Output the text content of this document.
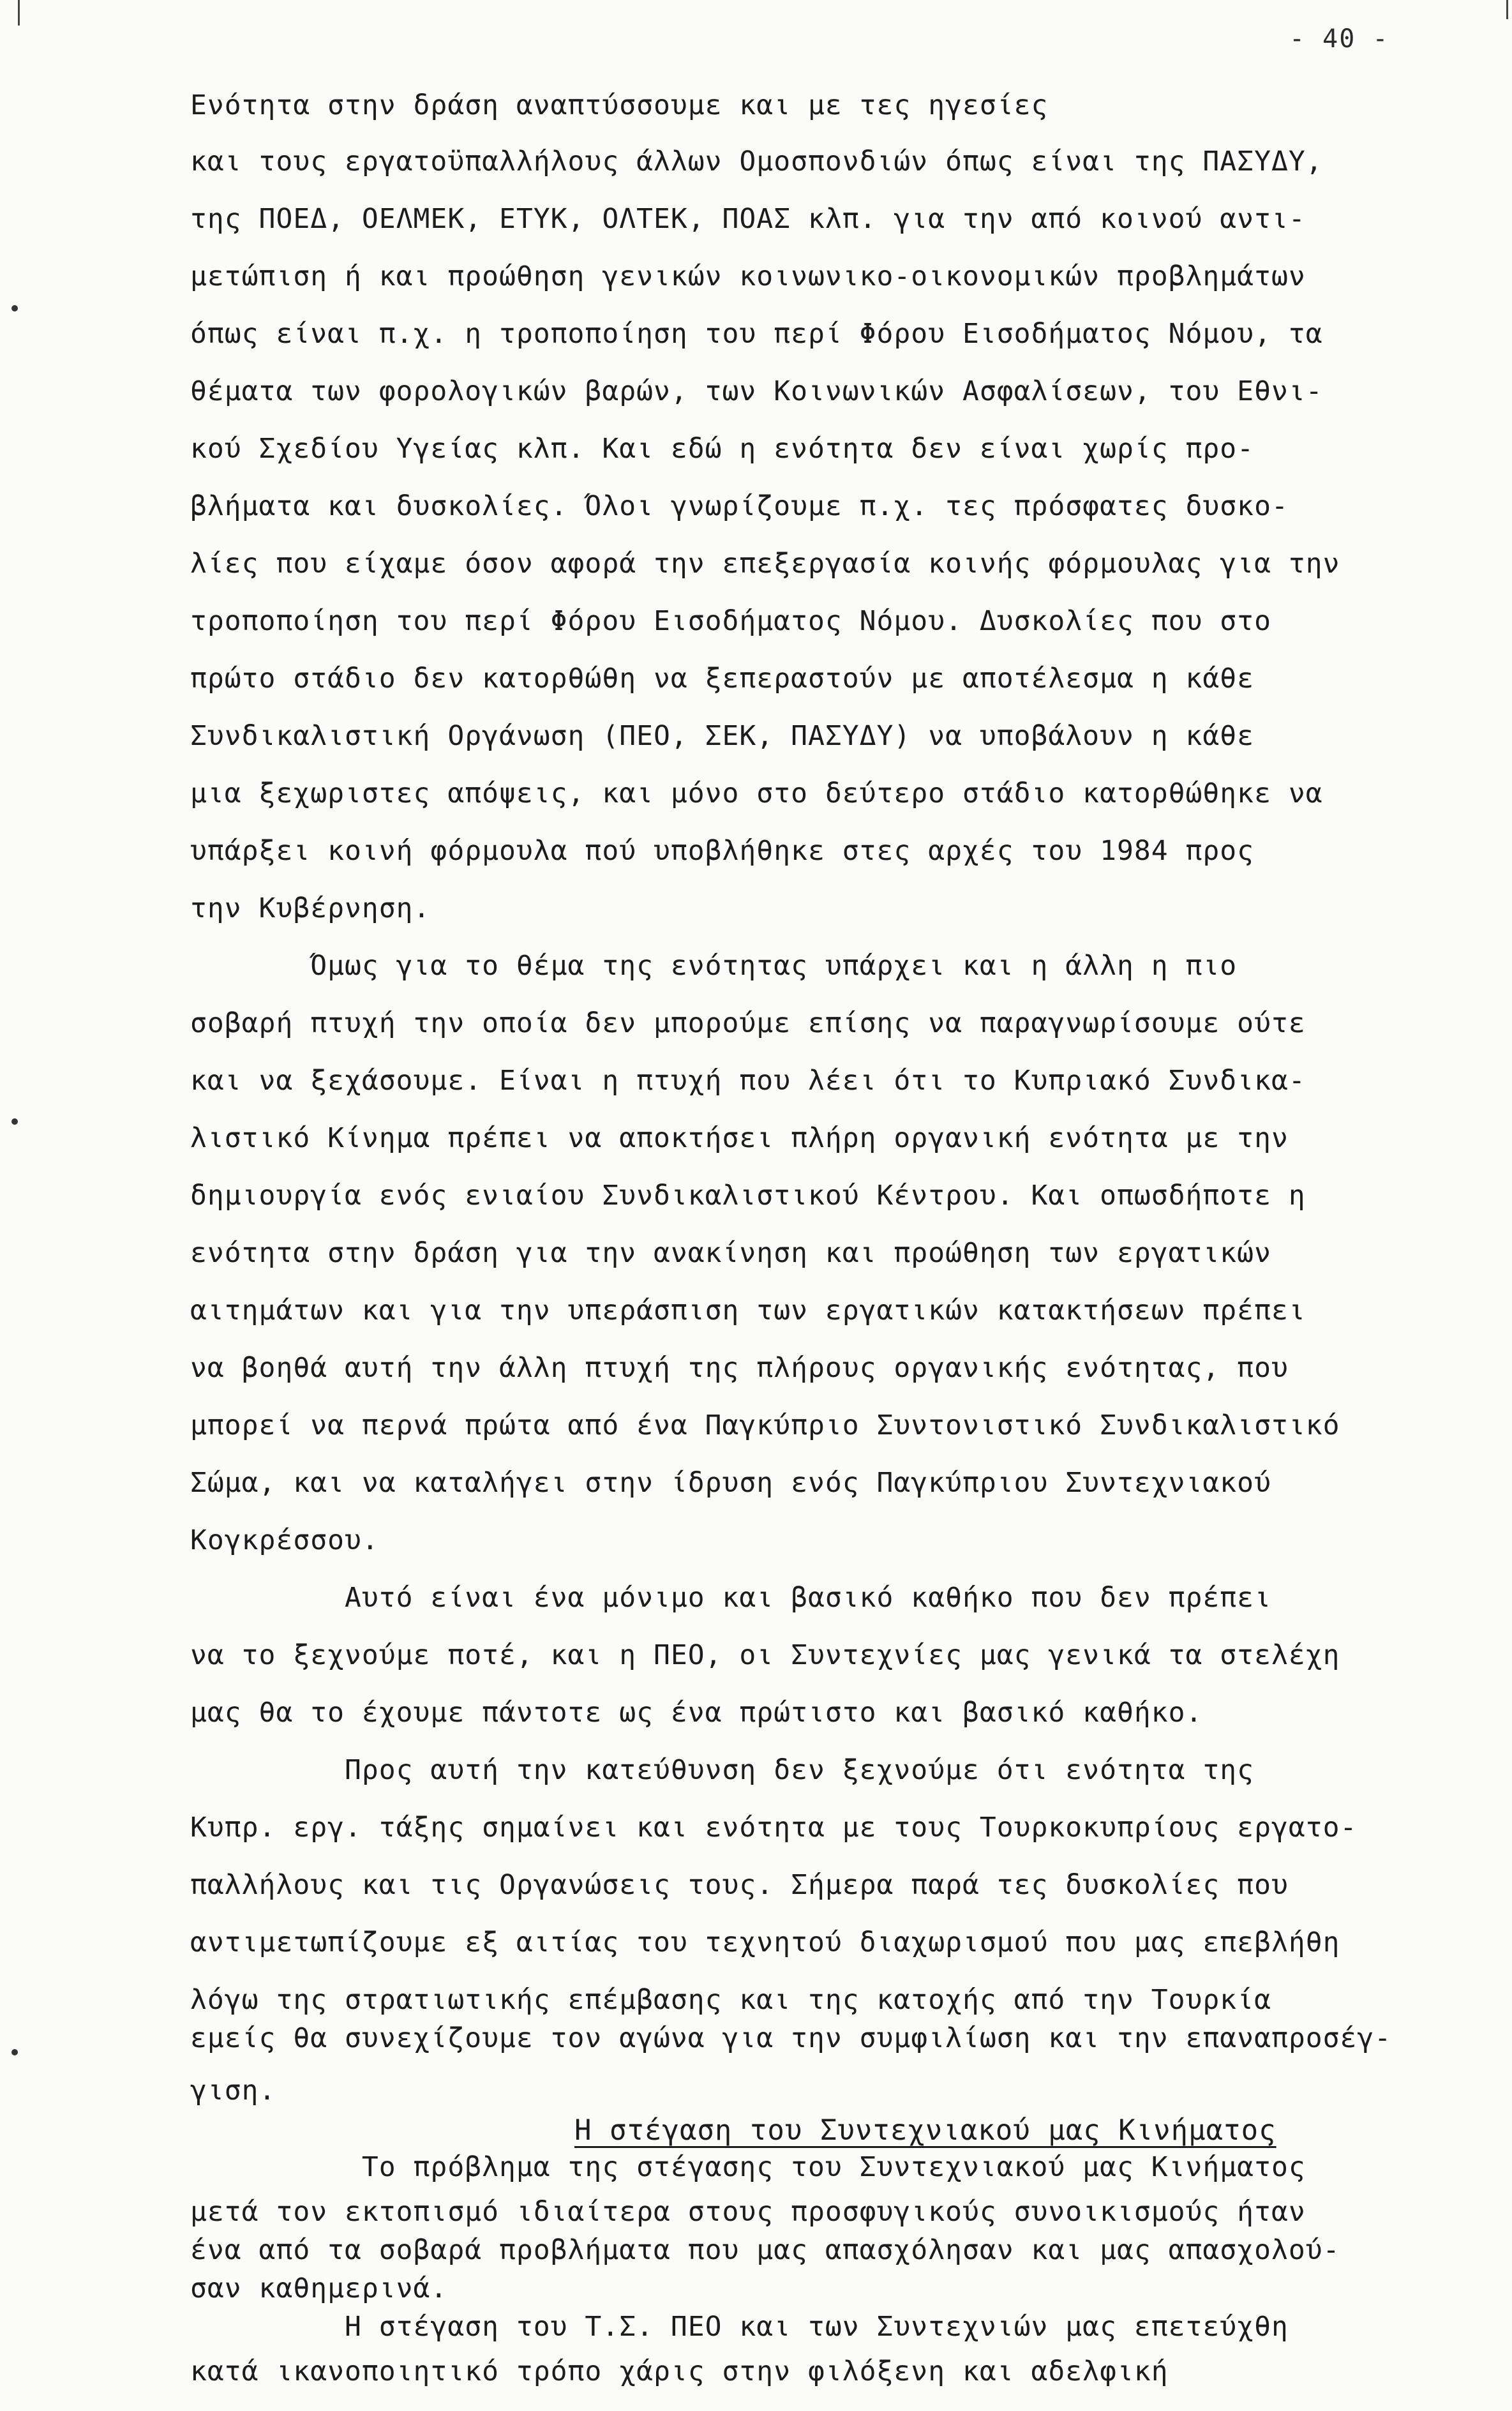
- 40 -
Ενότητα στην δράση αναπτύσσουμε και με τες ηγεσίες
και τους εργατοϋπαλλήλους άλλων Ομοσπονδιών όπως είναι της ΠΑΣΥΔΥ,
της ΠΟΕΔ, ΟΕΛΜΕΚ, ΕΤΥΚ, ΟΛΤΕΚ, ΠΟΑΣ κλπ. για την από κοινού αντι-
μετώπιση ή και προώθηση γενικών κοινωνικο-οικονομικών προβλημάτων
όπως είναι π.χ. η τροποποίηση του περί Φόρου Εισοδήματος Νόμου, τα
θέματα των φορολογικών βαρών, των Κοινωνικών Ασφαλίσεων, του Εθνι-
κού Σχεδίου Υγείας κλπ. Και εδώ η ενότητα δεν είναι χωρίς προ-
βλήματα και δυσκολίες. Όλοι γνωρίζουμε π.χ. τες πρόσφατες δυσκο-
λίες που είχαμε όσον αφορά την επεξεργασία κοινής φόρμουλας για την
τροποποίηση του περί Φόρου Εισοδήματος Νόμου. Δυσκολίες που στο
πρώτο στάδιο δεν κατορθώθη να ξεπεραστούν με αποτέλεσμα η κάθε
Συνδικαλιστική Οργάνωση (ΠΕΟ, ΣΕΚ, ΠΑΣΥΔΥ) να υποβάλουν η κάθε
μια ξεχωριστες απόψεις, και μόνο στο δεύτερο στάδιο κατορθώθηκε να
υπάρξει κοινή φόρμουλα πού υποβλήθηκε στες αρχές του 1984 προς
την Κυβέρνηση.
Όμως για το θέμα της ενότητας υπάρχει και η άλλη η πιο
σοβαρή πτυχή την οποία δεν μπορούμε επίσης να παραγνωρίσουμε ούτε
και να ξεχάσουμε. Είναι η πτυχή που λέει ότι το Κυπριακό Συνδικα-
λιστικό Κίνημα πρέπει να αποκτήσει πλήρη οργανική ενότητα με την
δημιουργία ενός ενιαίου Συνδικαλιστικού Κέντρου. Και οπωσδήποτε η
ενότητα στην δράση για την ανακίνηση και προώθηση των εργατικών
αιτημάτων και για την υπεράσπιση των εργατικών κατακτήσεων πρέπει
να βοηθά αυτή την άλλη πτυχή της πλήρους οργανικής ενότητας, που
μπορεί να περνά πρώτα από ένα Παγκύπριο Συντονιστικό Συνδικαλιστικό
Σώμα, και να καταλήγει στην ίδρυση ενός Παγκύπριου Συντεχνιακού
Κογκρέσσου.
Αυτό είναι ένα μόνιμο και βασικό καθήκο που δεν πρέπει
να το ξεχνούμε ποτέ, και η ΠΕΟ, οι Συντεχνίες μας γενικά τα στελέχη
μας θα το έχουμε πάντοτε ως ένα πρώτιστο και βασικό καθήκο.
Προς αυτή την κατεύθυνση δεν ξεχνούμε ότι ενότητα της
Κυπρ. εργ. τάξης σημαίνει και ενότητα με τους Τουρκοκυπρίους εργατο-
παλλήλους και τις Οργανώσεις τους. Σήμερα παρά τες δυσκολίες που
αντιμετωπίζουμε εξ αιτίας του τεχνητού διαχωρισμού που μας επεβλήθη
λόγω της στρατιωτικής επέμβασης και της κατοχής από την Τουρκία
εμείς θα συνεχίζουμε τον αγώνα για την συμφιλίωση και την επαναπροσέγ-
γιση.
Το πρόβλημα της στέγασης του Συντεχνιακού μας Κινήματος
μετά τον εκτοπισμό ιδιαίτερα στους προσφυγικούς συνοικισμούς ήταν
ένα από τα σοβαρά προβλήματα που μας απασχόλησαν και μας απασχολού-
σαν καθημερινά.
Η στέγαση του Τ.Σ. ΠΕΟ και των Συντεχνιών μας επετεύχθη
κατά ικανοποιητικό τρόπο χάρις στην φιλόξενη και αδελφική
Η στέγαση του Συντεχνιακού μας Κινήματος
